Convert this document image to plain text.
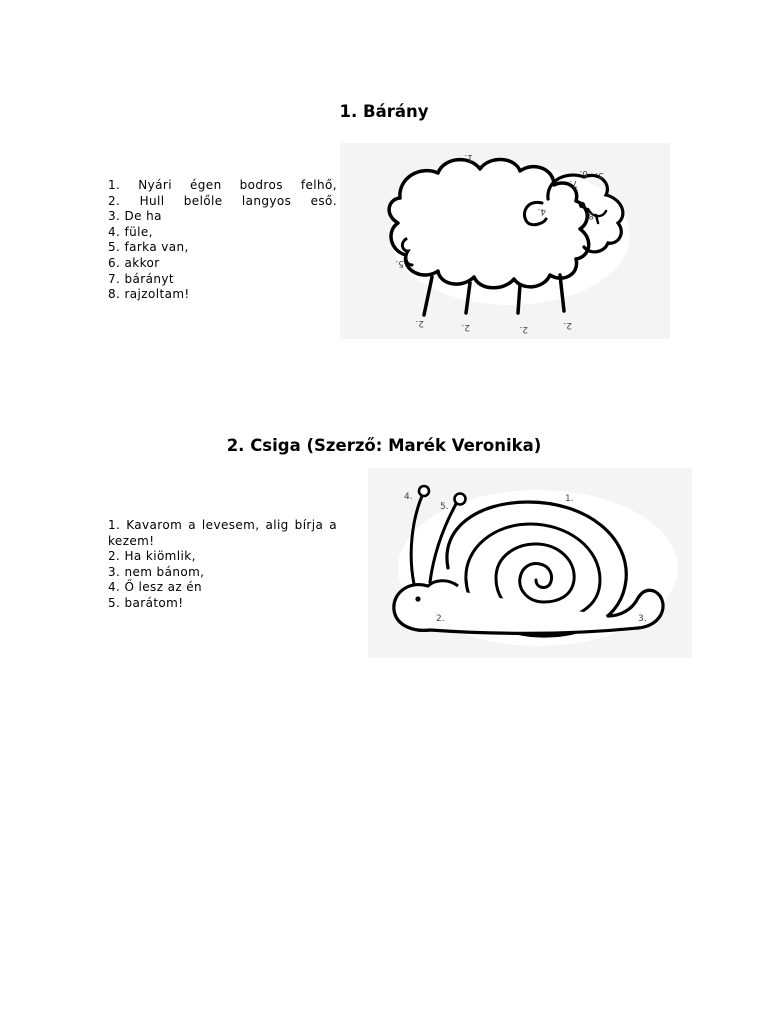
1. Bárány
1. Nyári égen bodros felhő,
2. Hull belőle langyos eső.
3. De ha
4. füle,
5. farka van,
6. akkor
7. bárányt
8. rajzoltam!
1.
2.	2.	2.	2.
3.
4.
5.
6.
7.
8.
2. Csiga (Szerző: Marék Veronika)
1. Kavarom a levesem, alig bírja a kezem!
2. Ha kiömlik,
3. nem bánom,
4. Ő lesz az én
5. barátom!
1.
2.	3.
4.
5.
